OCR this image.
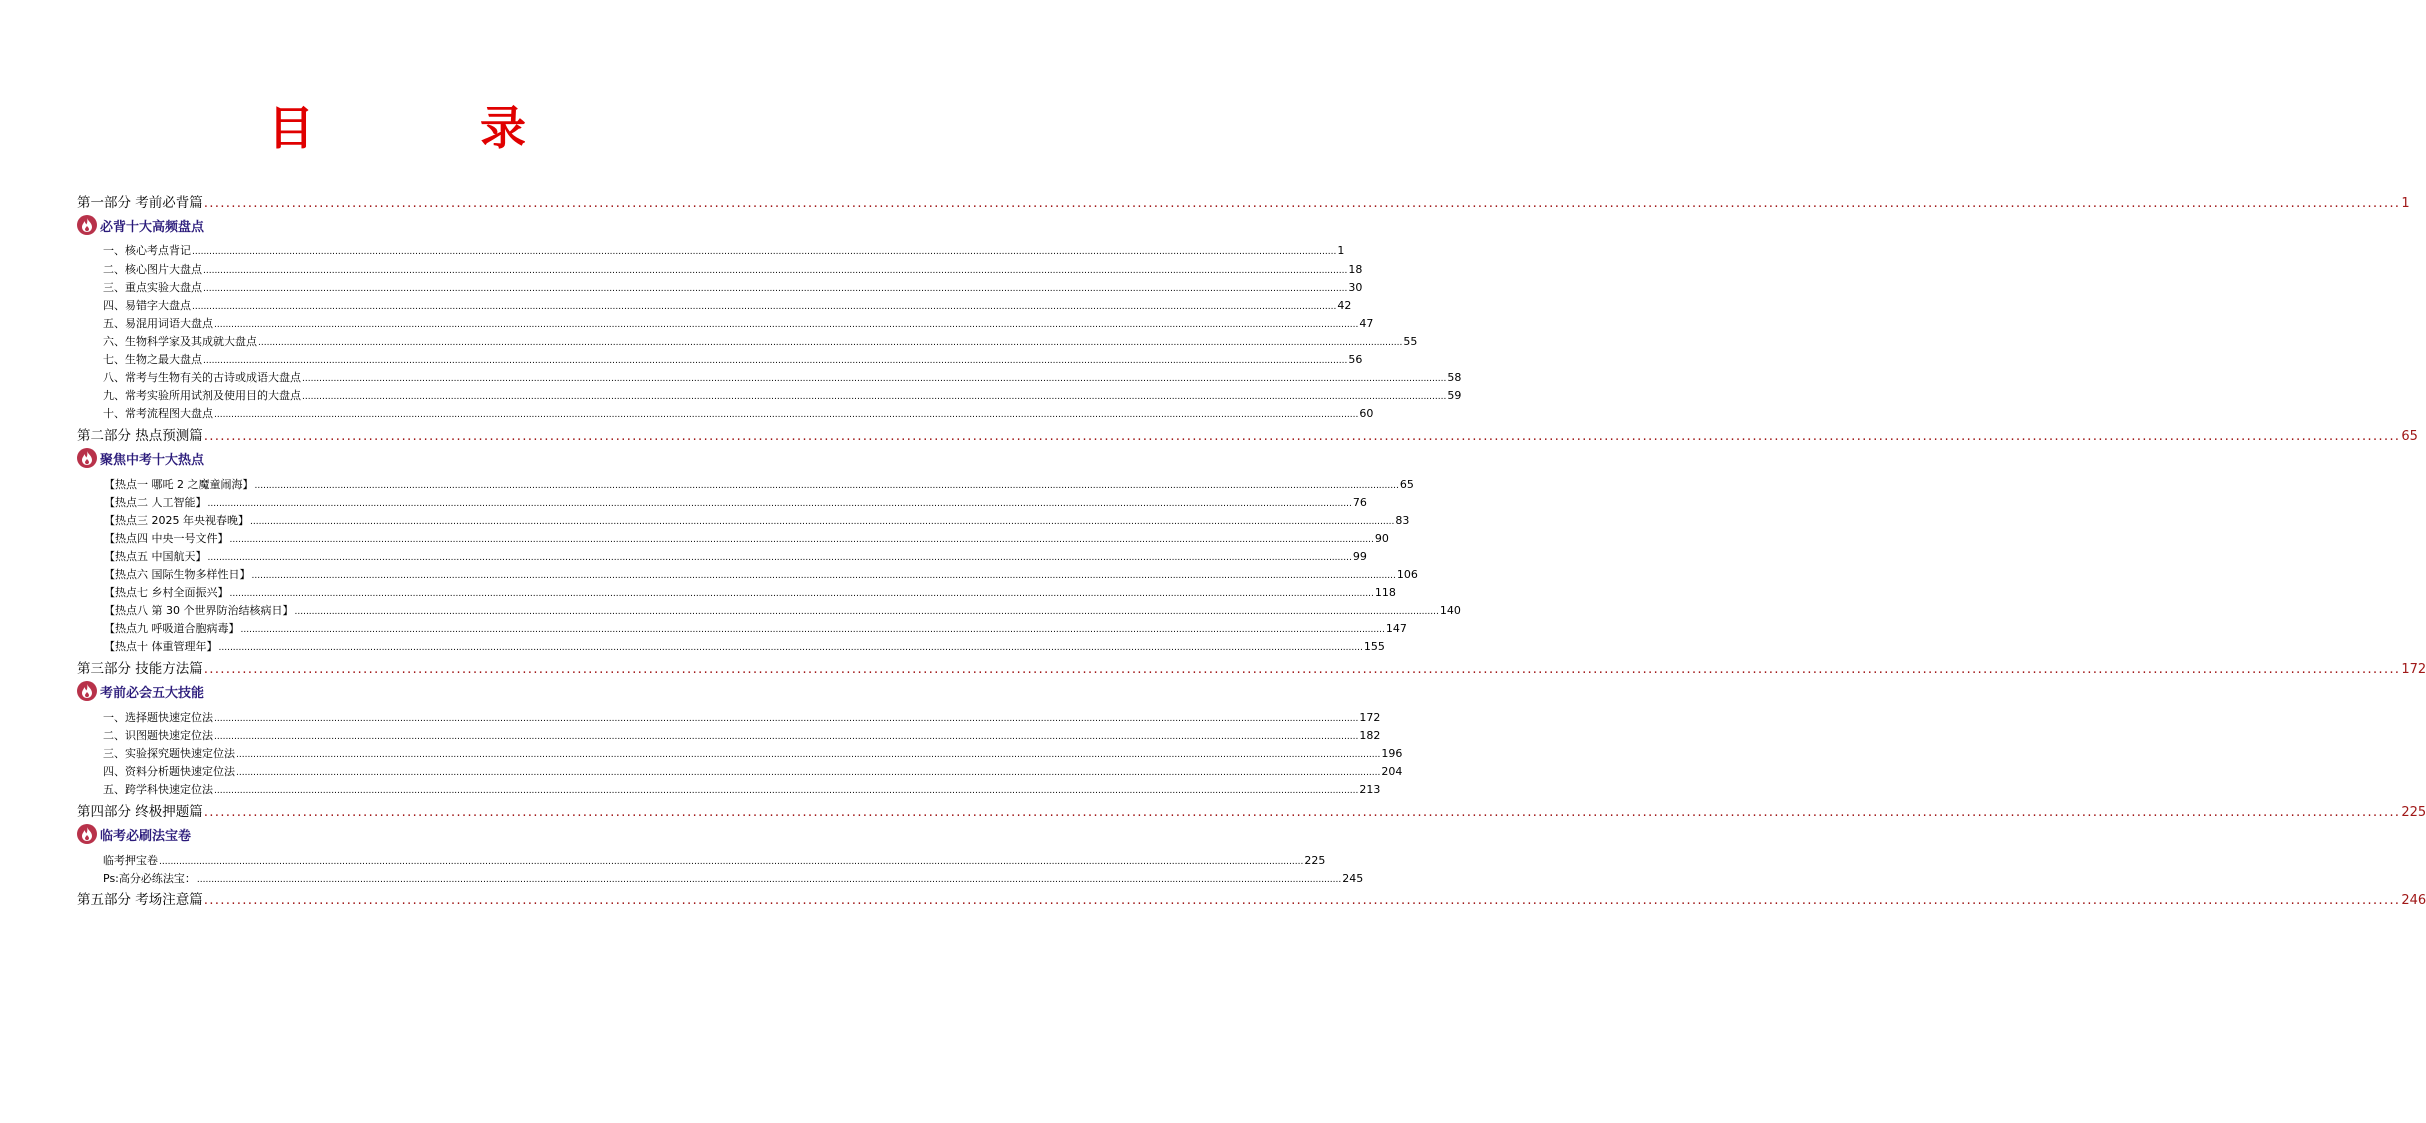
目　录
第一部分 考前必背篇 ................................................................................................................................................................................................................................................................................................................................................................................................................ 1
第二部分 热点预测篇 ................................................................................................................................................................................................................................................................................................................................................................................................................ 65
第三部分 技能方法篇 ................................................................................................................................................................................................................................................................................................................................................................................................................ 172
第四部分 终极押题篇 ................................................................................................................................................................................................................................................................................................................................................................................................................ 225
第五部分 考场注意篇 ................................................................................................................................................................................................................................................................................................................................................................................................................ 246
必背十大高频盘点
聚焦中考十大热点
考前必会五大技能
临考必刷法宝卷
一、核心考点背记 ................................................................................................................................................................................................................................................................................................................................................................................................................ 1
二、核心图片大盘点 ................................................................................................................................................................................................................................................................................................................................................................................................................ 18
三、重点实验大盘点 ................................................................................................................................................................................................................................................................................................................................................................................................................ 30
四、易错字大盘点 ................................................................................................................................................................................................................................................................................................................................................................................................................ 42
五、易混用词语大盘点 ................................................................................................................................................................................................................................................................................................................................................................................................................ 47
六、生物科学家及其成就大盘点 ................................................................................................................................................................................................................................................................................................................................................................................................................ 55
七、生物之最大盘点 ................................................................................................................................................................................................................................................................................................................................................................................................................ 56
八、常考与生物有关的古诗或成语大盘点 ................................................................................................................................................................................................................................................................................................................................................................................................................ 58
九、常考实验所用试剂及使用目的大盘点 ................................................................................................................................................................................................................................................................................................................................................................................................................ 59
十、常考流程图大盘点 ................................................................................................................................................................................................................................................................................................................................................................................................................ 60
【热点一 哪吒 2 之魔童闹海】 ................................................................................................................................................................................................................................................................................................................................................................................................................ 65
【热点二 人工智能】 ................................................................................................................................................................................................................................................................................................................................................................................................................ 76
【热点三 2025 年央视春晚】 ................................................................................................................................................................................................................................................................................................................................................................................................................ 83
【热点四 中央一号文件】 ................................................................................................................................................................................................................................................................................................................................................................................................................ 90
【热点五 中国航天】 ................................................................................................................................................................................................................................................................................................................................................................................................................ 99
【热点六 国际生物多样性日】 ................................................................................................................................................................................................................................................................................................................................................................................................................ 106
【热点七 乡村全面振兴】 ................................................................................................................................................................................................................................................................................................................................................................................................................ 118
【热点八 第 30 个世界防治结核病日】 ................................................................................................................................................................................................................................................................................................................................................................................................................ 140
【热点九 呼吸道合胞病毒】 ................................................................................................................................................................................................................................................................................................................................................................................................................ 147
【热点十 体重管理年】 ................................................................................................................................................................................................................................................................................................................................................................................................................ 155
一、选择题快速定位法 ................................................................................................................................................................................................................................................................................................................................................................................................................ 172
二、识图题快速定位法 ................................................................................................................................................................................................................................................................................................................................................................................................................ 182
三、实验探究题快速定位法 ................................................................................................................................................................................................................................................................................................................................................................................................................ 196
四、资料分析题快速定位法 ................................................................................................................................................................................................................................................................................................................................................................................................................ 204
五、跨学科快速定位法 ................................................................................................................................................................................................................................................................................................................................................................................................................ 213
临考押宝卷 ................................................................................................................................................................................................................................................................................................................................................................................................................ 225
Ps:高分必练法宝： ................................................................................................................................................................................................................................................................................................................................................................................................................ 245
